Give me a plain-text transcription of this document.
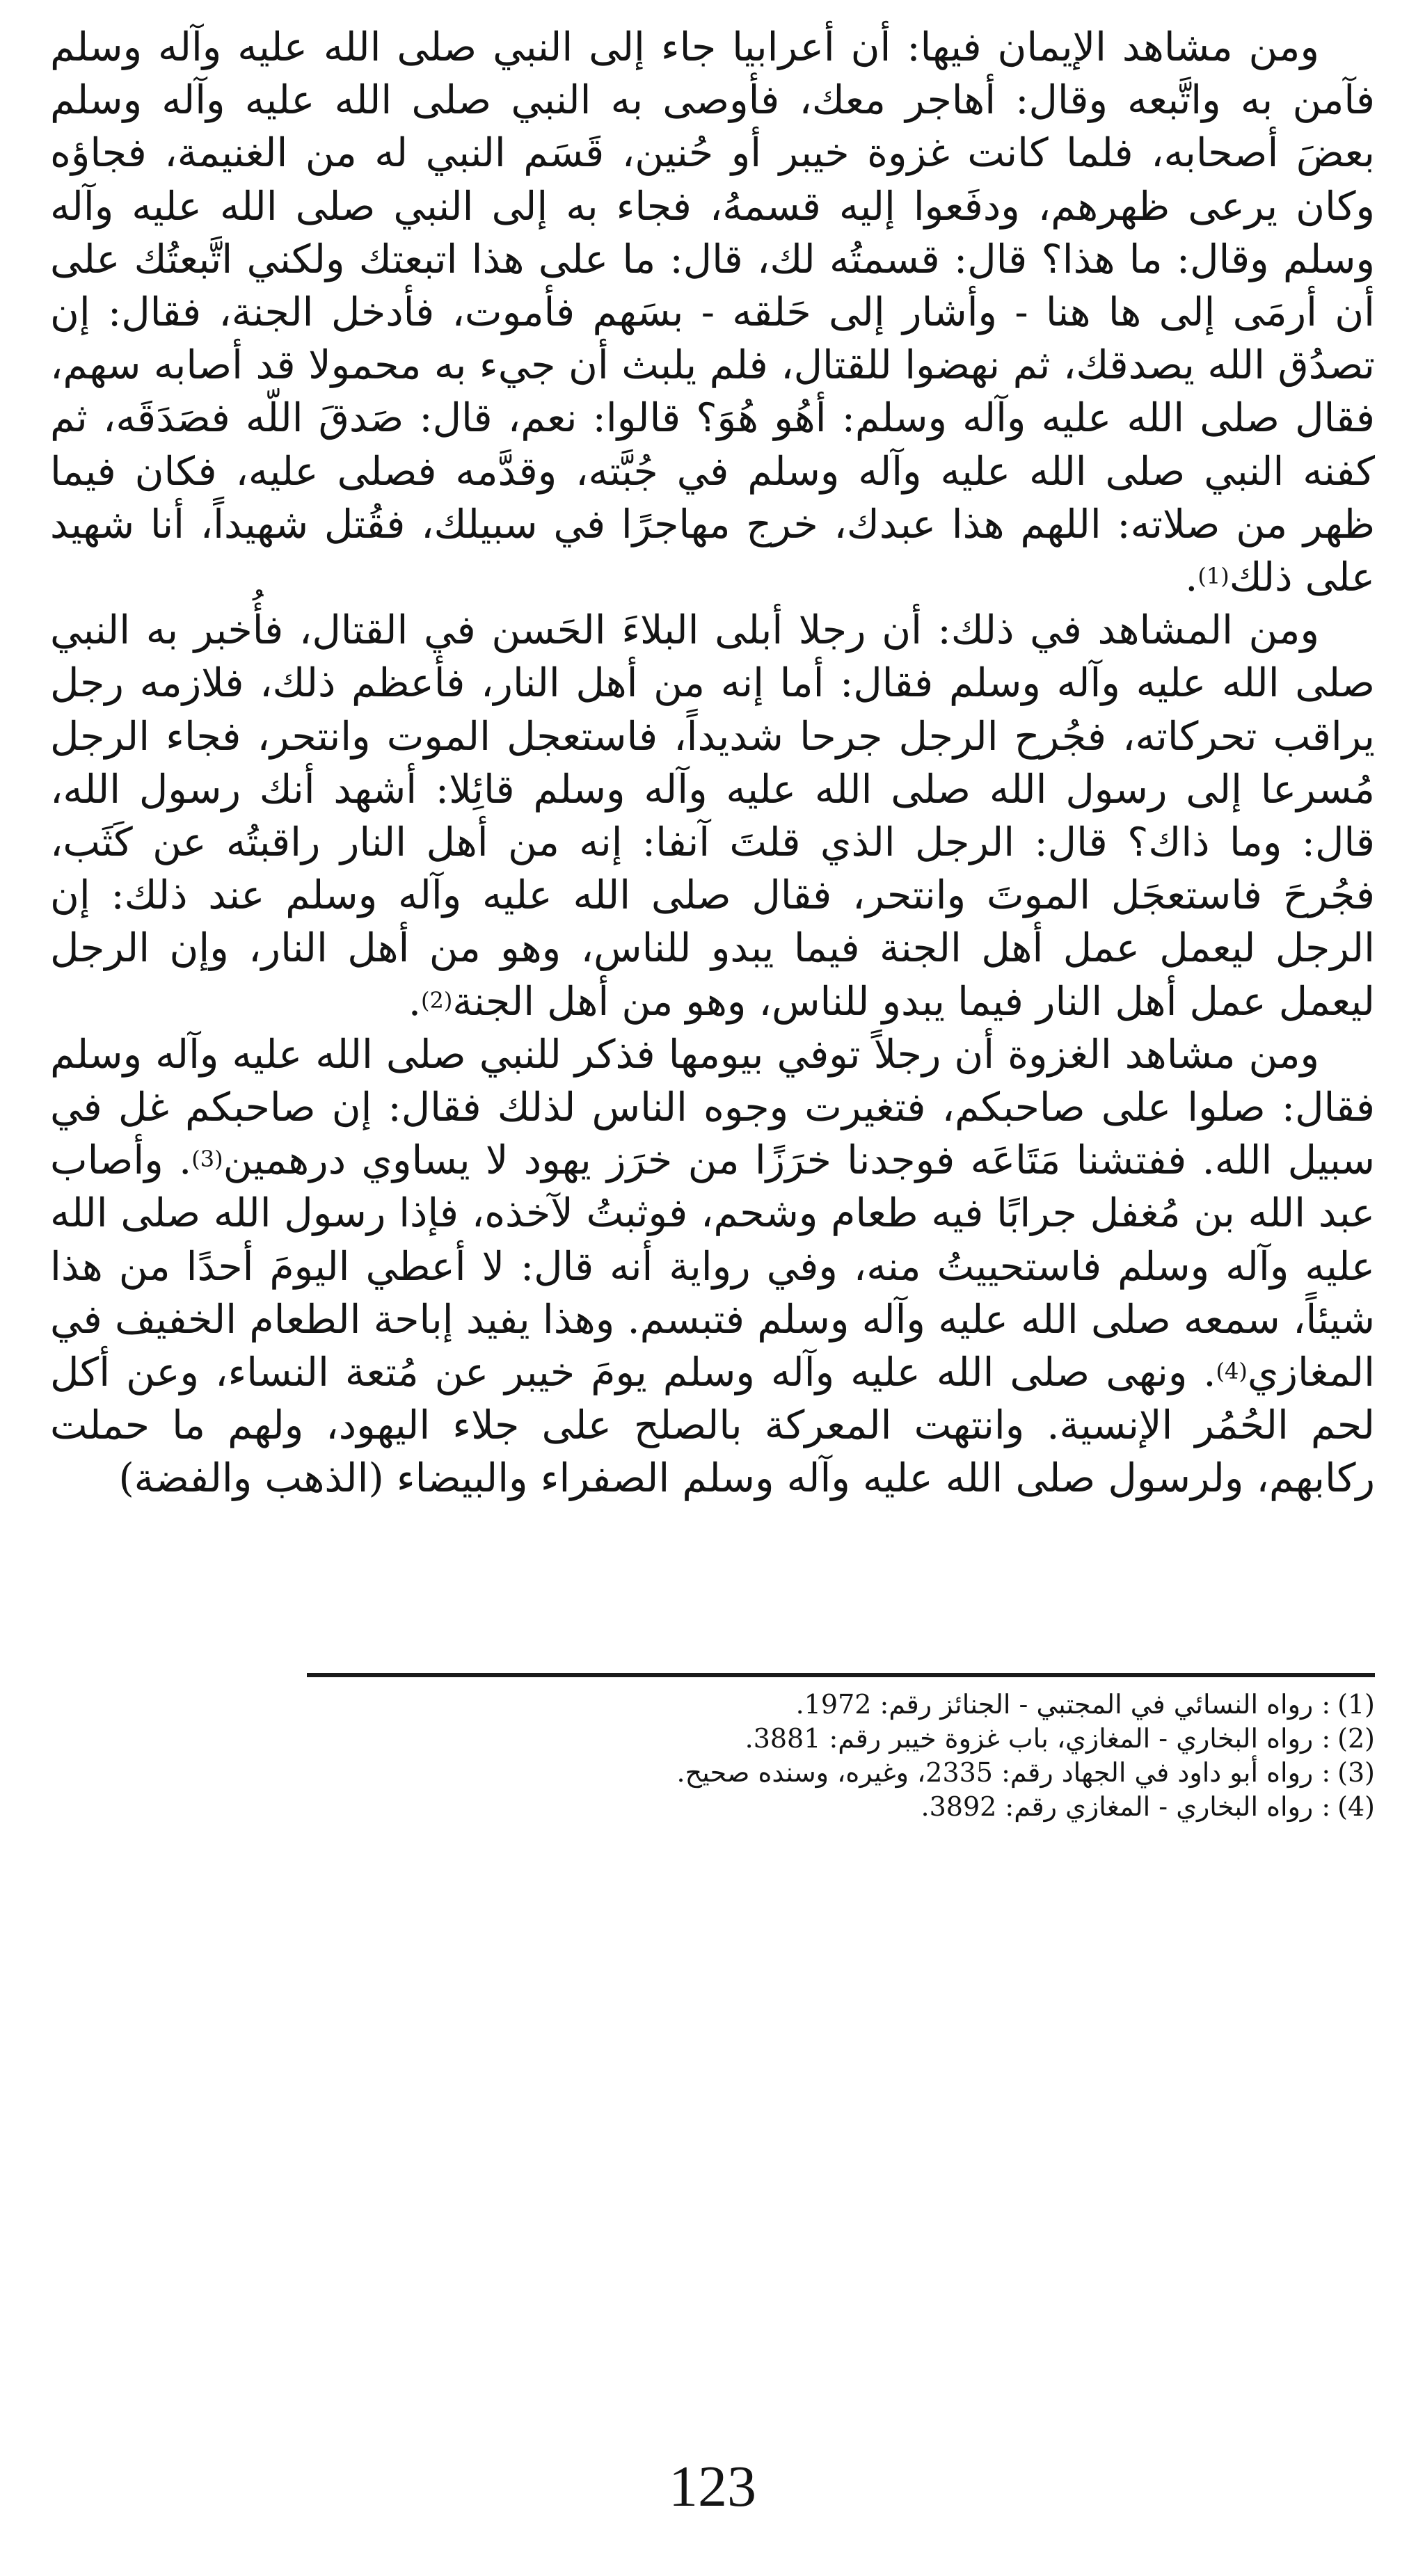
ومن مشاهد الإيمان فيها: أن أعرابيا جاء إلى النبي صلى الله عليه وآله وسلم فآمن به واتَّبعه وقال: أهاجر معك، فأوصى به النبي صلى الله عليه وآله وسلم بعضَ أصحابه، فلما كانت غزوة خيبر أو حُنين، قَسَم النبي له من الغنيمة، فجاؤه وكان يرعى ظهرهم، ودفَعوا إليه قسمهُ، فجاء به إلى النبي صلى الله عليه وآله وسلم وقال: ما هذا؟ قال: قسمتُه لك، قال: ما على هذا اتبعتك ولكني اتَّبعتُك على أن أرمَى إلى ها هنا - وأشار إلى حَلقه - بسَهم فأموت، فأدخل الجنة، فقال: إن تصدُق الله يصدقك، ثم نهضوا للقتال، فلم يلبث أن جيء به محمولا قد أصابه سهم، فقال صلى الله عليه وآله وسلم: أهُو هُوَ؟ قالوا: نعم، قال: صَدقَ اللّه فصَدَقَه، ثم كفنه النبي صلى الله عليه وآله وسلم في جُبَّته، وقدَّمه فصلى عليه، فكان فيما ظهر من صلاته: اللهم هذا عبدك، خرج مهاجرًا في سبيلك، فقُتل شهيداً، أنا شهيد على ذلك$^{(1)}$.

ومن المشاهد في ذلك: أن رجلا أبلى البلاءَ الحَسن في القتال، فأُخبر به النبي صلى الله عليه وآله وسلم فقال: أما إنه من أهل النار، فأعظم ذلك، فلازمه رجل يراقب تحركاته، فجُرح الرجل جرحا شديداً، فاستعجل الموت وانتحر، فجاء الرجل مُسرعا إلى رسول الله صلى الله عليه وآله وسلم قائِلا: أشهد أنك رسول الله، قال: وما ذاك؟ قال: الرجل الذي قلتَ آنفا: إنه من أهل النار راقبتُه عن كَثَب، فجُرحَ فاستعجَل الموتَ وانتحر، فقال صلى الله عليه وآله وسلم عند ذلك: إن الرجل ليعمل عمل أهل الجنة فيما يبدو للناس، وهو من أهل النار، وإن الرجل ليعمل عمل أهل النار فيما يبدو للناس، وهو من أهل الجنة$^{(2)}$.

ومن مشاهد الغزوة أن رجلاً توفي بيومها فذكر للنبي صلى الله عليه وآله وسلم فقال: صلوا على صاحبكم، فتغيرت وجوه الناس لذلك فقال: إن صاحبكم غل في سبيل الله. ففتشنا مَتَاعَه فوجدنا خرَزًا من خرَز يهود لا يساوي درهمين$^{(3)}$. وأصاب عبد الله بن مُغفل جرابًا فيه طعام وشحم، فوثبتُ لآخذه، فإذا رسول الله صلى الله عليه وآله وسلم فاستحييتُ منه، وفي رواية أنه قال: لا أعطي اليومَ أحدًا من هذا شيئاً، سمعه صلى الله عليه وآله وسلم فتبسم. وهذا يفيد إباحة الطعام الخفيف في المغازي$^{(4)}$. ونهى صلى الله عليه وآله وسلم يومَ خيبر عن مُتعة النساء، وعن أكل لحم الحُمُر الإنسية. وانتهت المعركة بالصلح على جلاء اليهود، ولهم ما حملت ركابهم، ولرسول صلى الله عليه وآله وسلم الصفراء والبيضاء (الذهب والفضة)

(1): رواه النسائي في المجتبي - الجنائز رقم: 1972.

(2): رواه البخاري - المغازي، باب غزوة خيبر رقم: 3881.

(3): رواه أبو داود في الجهاد رقم: 2335، وغيره، وسنده صحيح.

(4): رواه البخاري - المغازي رقم: 3892.

123
